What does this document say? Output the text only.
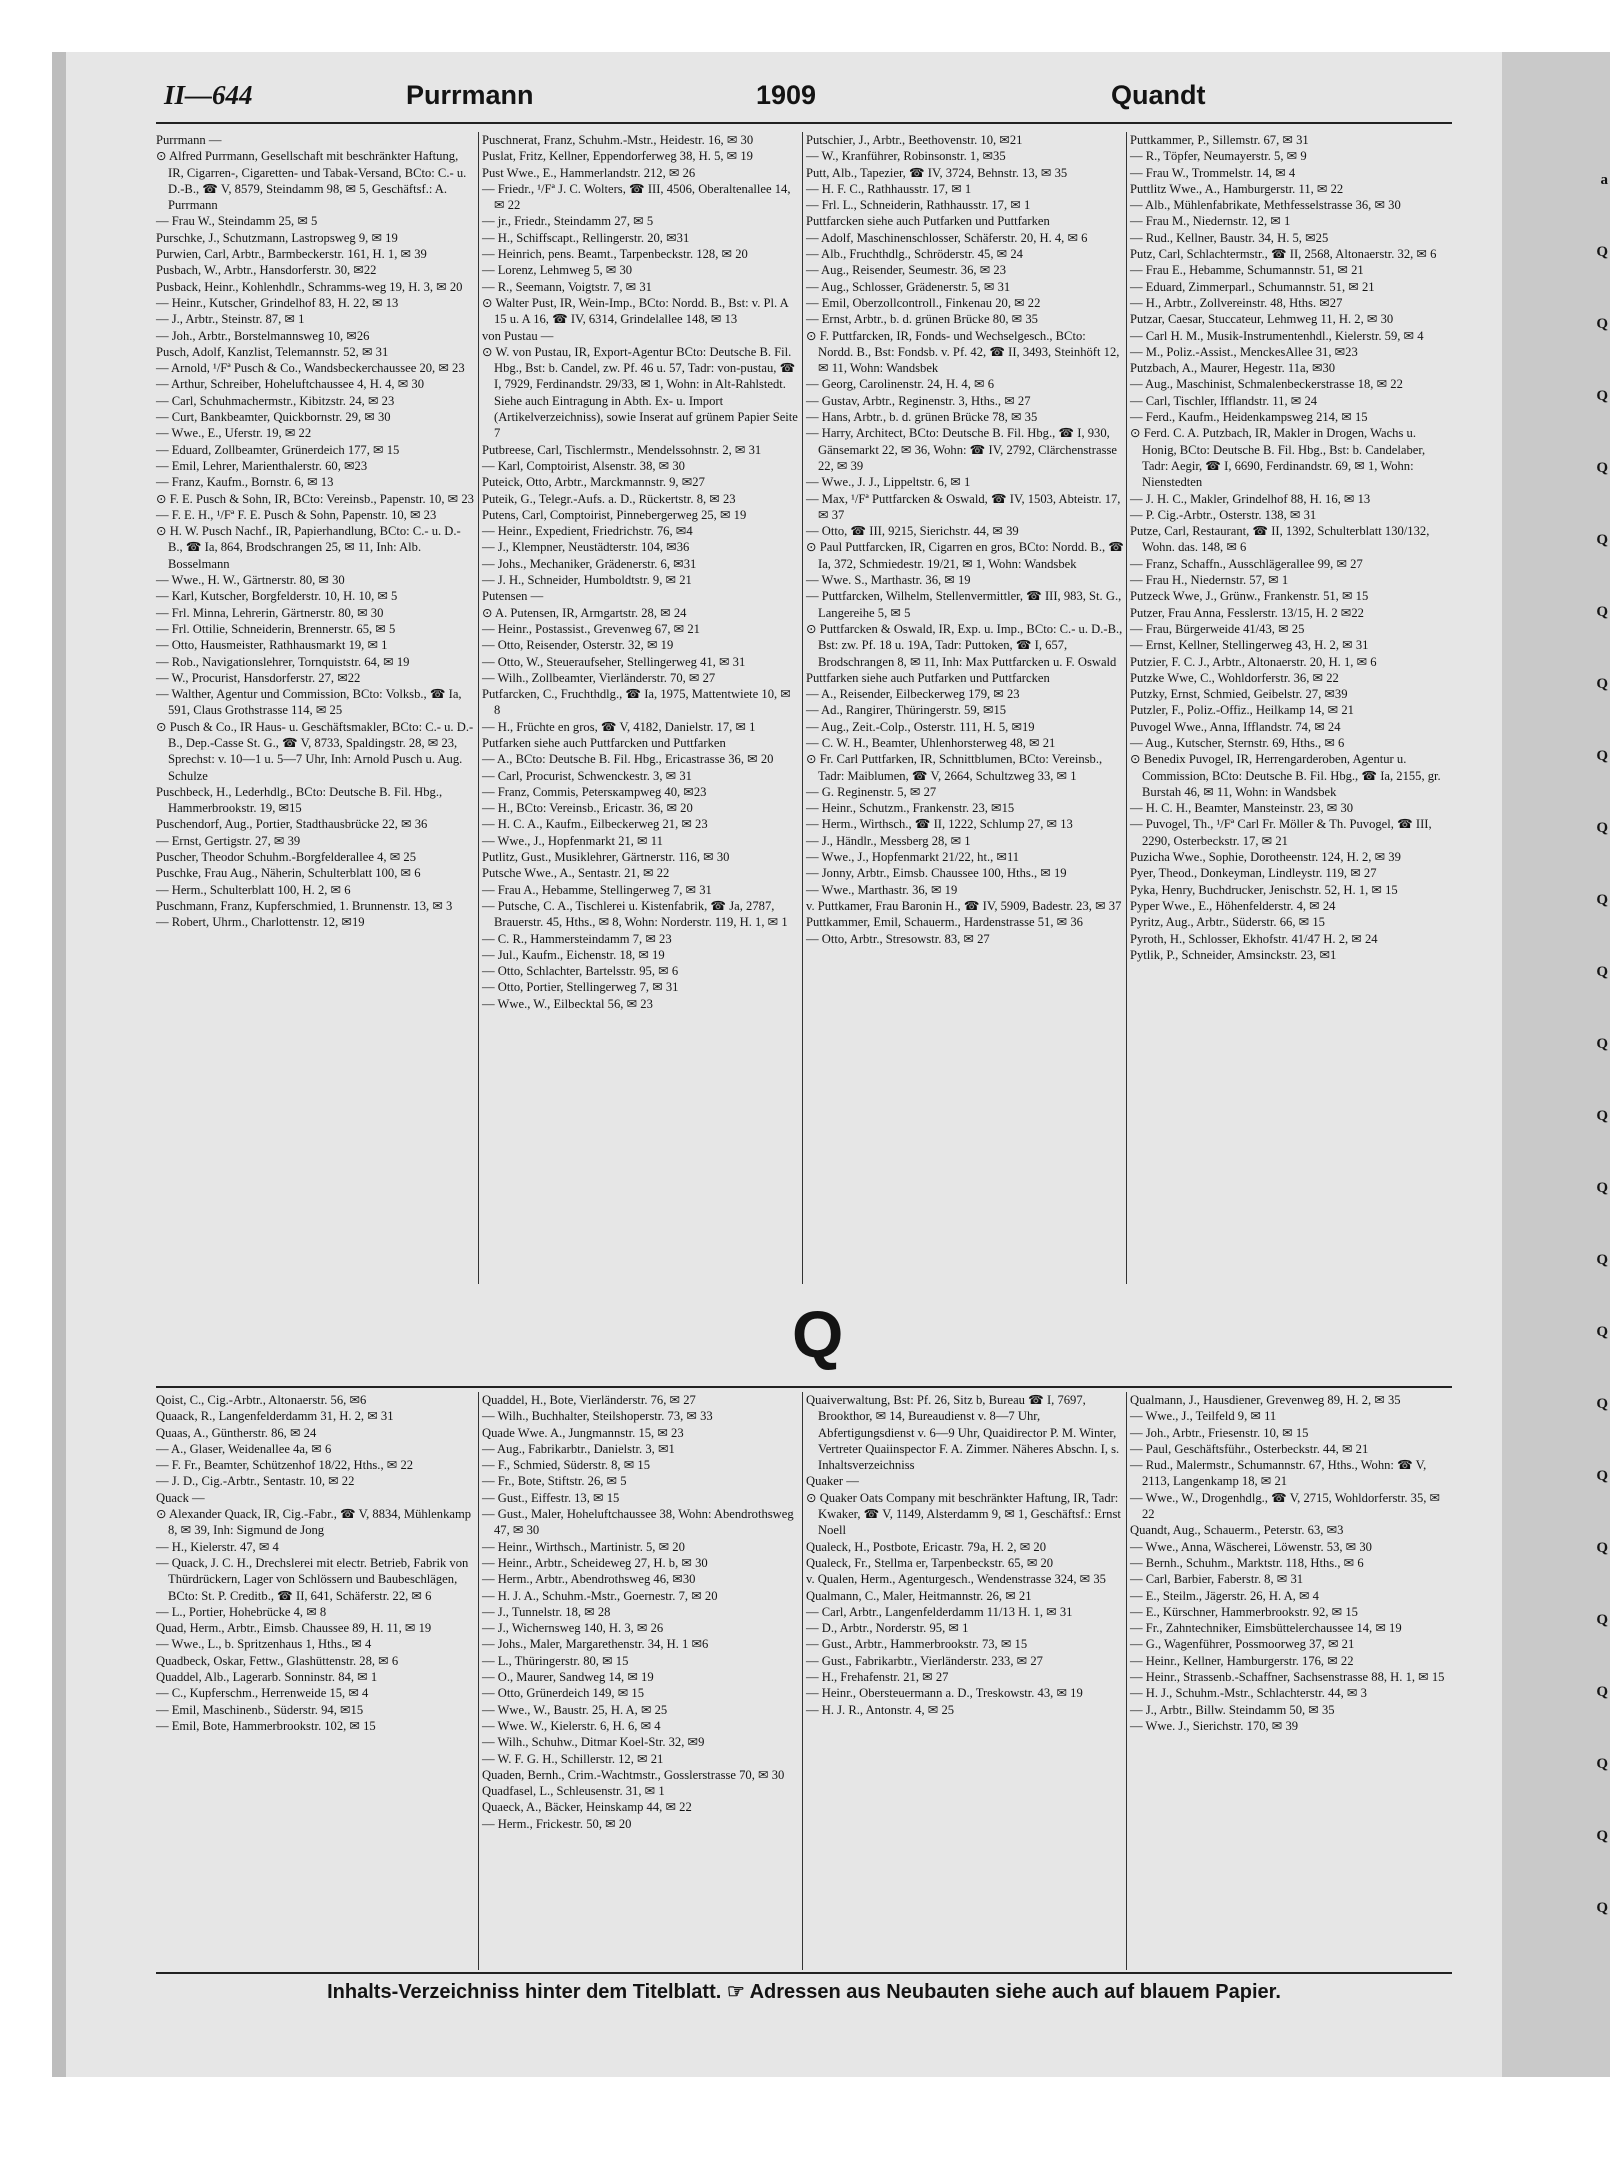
II—644	Purrmann	1909	Quandt

Purrmann —

⊙ Alfred Purrmann, Gesellschaft mit beschränkter Haftung, IR, Cigarren-, Cigaretten- und Tabak-Versand, BCto: C.- u. D.-B., ☎ V, 8579, Steindamm 98, ✉ 5, Geschäftsf.: A. Purrmann

— Frau W., Steindamm 25, ✉ 5

Purschke, J., Schutzmann, Lastropsweg 9, ✉ 19

Purwien, Carl, Arbtr., Barmbeckerstr. 161, H. 1, ✉ 39

Pusbach, W., Arbtr., Hansdorferstr. 30, ✉22

Pusback, Heinr., Kohlenhdlr., Schramms-weg 19, H. 3, ✉ 20

— Heinr., Kutscher, Grindelhof 83, H. 22, ✉ 13

— J., Arbtr., Steinstr. 87, ✉ 1

— Joh., Arbtr., Borstelmannsweg 10, ✉26

Pusch, Adolf, Kanzlist, Telemannstr. 52, ✉ 31

— Arnold, ¹/Fª Pusch & Co., Wandsbeckerchaussee 20, ✉ 23

— Arthur, Schreiber, Hoheluftchaussee 4, H. 4, ✉ 30

— Carl, Schuhmachermstr., Kibitzstr. 24, ✉ 23

— Curt, Bankbeamter, Quickbornstr. 29, ✉ 30

— Wwe., E., Uferstr. 19, ✉ 22

— Eduard, Zollbeamter, Grünerdeich 177, ✉ 15

— Emil, Lehrer, Marienthalerstr. 60, ✉23

— Franz, Kaufm., Bornstr. 6, ✉ 13

⊙ F. E. Pusch & Sohn, IR, BCto: Vereinsb., Papenstr. 10, ✉ 23

— F. E. H., ¹/Fª F. E. Pusch & Sohn, Papenstr. 10, ✉ 23

⊙ H. W. Pusch Nachf., IR, Papierhandlung, BCto: C.- u. D.-B., ☎ Ia, 864, Brodschrangen 25, ✉ 11, Inh: Alb. Bosselmann

— Wwe., H. W., Gärtnerstr. 80, ✉ 30

— Karl, Kutscher, Borgfelderstr. 10, H. 10, ✉ 5

— Frl. Minna, Lehrerin, Gärtnerstr. 80, ✉ 30

— Frl. Ottilie, Schneiderin, Brennerstr. 65, ✉ 5

— Otto, Hausmeister, Rathhausmarkt 19, ✉ 1

— Rob., Navigationslehrer, Tornquiststr. 64, ✉ 19

— W., Procurist, Hansdorferstr. 27, ✉22

— Walther, Agentur und Commission, BCto: Volksb., ☎ Ia, 591, Claus Grothstrasse 114, ✉ 25

⊙ Pusch & Co., IR Haus- u. Geschäftsmakler, BCto: C.- u. D.-B., Dep.-Casse St. G., ☎ V, 8733, Spaldingstr. 28, ✉ 23, Sprechst: v. 10—1 u. 5—7 Uhr, Inh: Arnold Pusch u. Aug. Schulze

Puschbeck, H., Lederhdlg., BCto: Deutsche B. Fil. Hbg., Hammerbrookstr. 19, ✉15

Puschendorf, Aug., Portier, Stadthausbrücke 22, ✉ 36

— Ernst, Gertigstr. 27, ✉ 39

Puscher, Theodor Schuhm.-Borgfelderallee 4, ✉ 25

Puschke, Frau Aug., Näherin, Schulterblatt 100, ✉ 6

— Herm., Schulterblatt 100, H. 2, ✉ 6

Puschmann, Franz, Kupferschmied, 1. Brunnenstr. 13, ✉ 3

— Robert, Uhrm., Charlottenstr. 12, ✉19

Puschnerat, Franz, Schuhm.-Mstr., Heidestr. 16, ✉ 30

Puslat, Fritz, Kellner, Eppendorferweg 38, H. 5, ✉ 19

Pust Wwe., E., Hammerlandstr. 212, ✉ 26

— Friedr., ¹/Fª J. C. Wolters, ☎ III, 4506, Oberaltenallee 14, ✉ 22

— jr., Friedr., Steindamm 27, ✉ 5

— H., Schiffscapt., Rellingerstr. 20, ✉31

— Heinrich, pens. Beamt., Tarpenbeckstr. 128, ✉ 20

— Lorenz, Lehmweg 5, ✉ 30

— R., Seemann, Voigtstr. 7, ✉ 31

⊙ Walter Pust, IR, Wein-Imp., BCto: Nordd. B., Bst: v. Pl. A 15 u. A 16, ☎ IV, 6314, Grindelallee 148, ✉ 13

von Pustau —

⊙ W. von Pustau, IR, Export-Agentur BCto: Deutsche B. Fil. Hbg., Bst: b. Candel, zw. Pf. 46 u. 57, Tadr: von-pustau, ☎ I, 7929, Ferdinandstr. 29/33, ✉ 1, Wohn: in Alt-Rahlstedt. Siehe auch Eintragung in Abth. Ex- u. Import (Artikelverzeichniss), sowie Inserat auf grünem Papier Seite 7

Putbreese, Carl, Tischlermstr., Mendelssohnstr. 2, ✉ 31

— Karl, Comptoirist, Alsenstr. 38, ✉ 30

Puteick, Otto, Arbtr., Marckmannstr. 9, ✉27

Puteik, G., Telegr.-Aufs. a. D., Rückertstr. 8, ✉ 23

Putens, Carl, Comptoirist, Pinnebergerweg 25, ✉ 19

— Heinr., Expedient, Friedrichstr. 76, ✉4

— J., Klempner, Neustädterstr. 104, ✉36

— Johs., Mechaniker, Grädenerstr. 6, ✉31

— J. H., Schneider, Humboldtstr. 9, ✉ 21

Putensen —

⊙ A. Putensen, IR, Armgartstr. 28, ✉ 24

— Heinr., Postassist., Grevenweg 67, ✉ 21

— Otto, Reisender, Osterstr. 32, ✉ 19

— Otto, W., Steueraufseher, Stellingerweg 41, ✉ 31

— Wilh., Zollbeamter, Vierländerstr. 70, ✉ 27

Putfarcken, C., Fruchthdlg., ☎ Ia, 1975, Mattentwiete 10, ✉ 8

— H., Früchte en gros, ☎ V, 4182, Danielstr. 17, ✉ 1

Putfarken siehe auch Puttfarcken und Puttfarken

— A., BCto: Deutsche B. Fil. Hbg., Ericastrasse 36, ✉ 20

— Carl, Procurist, Schwenckestr. 3, ✉ 31

— Franz, Commis, Petersкampweg 40, ✉23

— H., BCto: Vereinsb., Ericastr. 36, ✉ 20

— H. C. A., Kaufm., Eilbeckerweg 21, ✉ 23

— Wwe., J., Hopfenmarkt 21, ✉ 11

Putlitz, Gust., Musiklehrer, Gärtnerstr. 116, ✉ 30

Putsche Wwe., A., Sentastr. 21, ✉ 22

— Frau A., Hebamme, Stellingerweg 7, ✉ 31

— Putsche, C. A., Tischlerei u. Kistenfabrik, ☎ Ja, 2787, Brauerstr. 45, Hths., ✉ 8, Wohn: Norderstr. 119, H. 1, ✉ 1

— C. R., Hammersteindamm 7, ✉ 23

— Jul., Kaufm., Eichenstr. 18, ✉ 19

— Otto, Schlachter, Bartelsstr. 95, ✉ 6

— Otto, Portier, Stellingerweg 7, ✉ 31

— Wwe., W., Eilbecktal 56, ✉ 23

Putschier, J., Arbtr., Beethovenstr. 10, ✉21

— W., Kranführer, Robinsonstr. 1, ✉35

Putt, Alb., Tapezier, ☎ IV, 3724, Behnstr. 13, ✉ 35

— H. F. C., Rathhausstr. 17, ✉ 1

— Frl. L., Schneiderin, Rathhausstr. 17, ✉ 1

Puttfarcken siehe auch Putfarken und Puttfarken

— Adolf, Maschinenschlosser, Schäferstr. 20, H. 4, ✉ 6

— Alb., Fruchthdlg., Schröderstr. 45, ✉ 24

— Aug., Reisender, Seumestr. 36, ✉ 23

— Aug., Schlosser, Grädenerstr. 5, ✉ 31

— Emil, Oberzollcontroll., Finkenau 20, ✉ 22

— Ernst, Arbtr., b. d. grünen Brücke 80, ✉ 35

⊙ F. Puttfarcken, IR, Fonds- und Wechselgesch., BCto: Nordd. B., Bst: Fondsb. v. Pf. 42, ☎ II, 3493, Steinhöft 12, ✉ 11, Wohn: Wandsbek

— Georg, Carolinenstr. 24, H. 4, ✉ 6

— Gustav, Arbtr., Reginenstr. 3, Hths., ✉ 27

— Hans, Arbtr., b. d. grünen Brücke 78, ✉ 35

— Harry, Architect, BCto: Deutsche B. Fil. Hbg., ☎ I, 930, Gänsemarkt 22, ✉ 36, Wohn: ☎ IV, 2792, Clärchenstrasse 22, ✉ 39

— Wwe., J. J., Lippeltstr. 6, ✉ 1

— Max, ¹/Fª Puttfarcken & Oswald, ☎ IV, 1503, Abteistr. 17, ✉ 37

— Otto, ☎ III, 9215, Sierichstr. 44, ✉ 39

⊙ Paul Puttfarcken, IR, Cigarren en gros, BCto: Nordd. B., ☎ Ia, 372, Schmiedestr. 19/21, ✉ 1, Wohn: Wandsbek

— Wwe. S., Marthastr. 36, ✉ 19

— Puttfarcken, Wilhelm, Stellenvermittler, ☎ III, 983, St. G., Langereihe 5, ✉ 5

⊙ Puttfarcken & Oswald, IR, Exp. u. Imp., BCto: C.- u. D.-B., Bst: zw. Pf. 18 u. 19A, Tadr: Puttoken, ☎ I, 657, Brodschrangen 8, ✉ 11, Inh: Max Puttfarcken u. F. Oswald

Puttfarken siehe auch Putfarken und Puttfarcken

— A., Reisender, Eilbeckerweg 179, ✉ 23

— Ad., Rangirer, Thüringerstr. 59, ✉15

— Aug., Zeit.-Colp., Osterstr. 111, H. 5, ✉19

— C. W. H., Beamter, Uhlenhorsterweg 48, ✉ 21

⊙ Fr. Carl Puttfarken, IR, Schnittblumen, BCto: Vereinsb., Tadr: Maiblumen, ☎ V, 2664, Schultzweg 33, ✉ 1

— G. Reginenstr. 5, ✉ 27

— Heinr., Schutzm., Frankenstr. 23, ✉15

— Herm., Wirthsch., ☎ II, 1222, Schlump 27, ✉ 13

— J., Händlr., Messberg 28, ✉ 1

— Wwe., J., Hopfenmarkt 21/22, ht., ✉11

— Jonny, Arbtr., Eimsb. Chaussee 100, Hths., ✉ 19

— Wwe., Marthastr. 36, ✉ 19

v. Puttkamer, Frau Baronin H., ☎ IV, 5909, Badestr. 23, ✉ 37

Puttkammer, Emil, Schauerm., Hardenstrasse 51, ✉ 36

— Otto, Arbtr., Stresowstr. 83, ✉ 27

Puttkammer, P., Sillemstr. 67, ✉ 31

— R., Töpfer, Neumayerstr. 5, ✉ 9

— Frau W., Trommelstr. 14, ✉ 4

Puttlitz Wwe., A., Hamburgerstr. 11, ✉ 22

— Alb., Mühlenfabrikate, Methfesselstrasse 36, ✉ 30

— Frau M., Niedernstr. 12, ✉ 1

— Rud., Kellner, Baustr. 34, H. 5, ✉25

Putz, Carl, Schlachtermstr., ☎ II, 2568, Altonaerstr. 32, ✉ 6

— Frau E., Hebamme, Schumannstr. 51, ✉ 21

— Eduard, Zimmerparl., Schumannstr. 51, ✉ 21

— H., Arbtr., Zollvereinstr. 48, Hths. ✉27

Putzar, Caesar, Stuccateur, Lehmweg 11, H. 2, ✉ 30

— Carl H. M., Musik-Instrumentenhdl., Kielerstr. 59, ✉ 4

— M., Poliz.-Assist., MenckesAllee 31, ✉23

Putzbach, A., Maurer, Hegestr. 11a, ✉30

— Aug., Maschinist, Schmalenbeckerstrasse 18, ✉ 22

— Carl, Tischler, Ifflandstr. 11, ✉ 24

— Ferd., Kaufm., Heidenkampsweg 214, ✉ 15

⊙ Ferd. C. A. Putzbach, IR, Makler in Drogen, Wachs u. Honig, BCto: Deutsche B. Fil. Hbg., Bst: b. Candelaber, Tadr: Aegir, ☎ I, 6690, Ferdinandstr. 69, ✉ 1, Wohn: Nienstedten

— J. H. C., Makler, Grindelhof 88, H. 16, ✉ 13

— P. Cig.-Arbtr., Osterstr. 138, ✉ 31

Putze, Carl, Restaurant, ☎ II, 1392, Schulterblatt 130/132, Wohn. das. 148, ✉ 6

— Franz, Schaffn., Ausschlägerallee 99, ✉ 27

— Frau H., Niedernstr. 57, ✉ 1

Putzeck Wwe, J., Grünw., Frankenstr. 51, ✉ 15

Putzer, Frau Anna, Fesslerstr. 13/15, H. 2 ✉22

— Frau, Bürgerweide 41/43, ✉ 25

— Ernst, Kellner, Stellingerweg 43, H. 2, ✉ 31

Putzier, F. C. J., Arbtr., Altonaerstr. 20, H. 1, ✉ 6

Putzke Wwe, C., Wohldorferstr. 36, ✉ 22

Putzky, Ernst, Schmied, Geibelstr. 27, ✉39

Putzler, F., Poliz.-Offiz., Heilkamp 14, ✉ 21

Puvogel Wwe., Anna, Ifflandstr. 74, ✉ 24

— Aug., Kutscher, Sternstr. 69, Hths., ✉ 6

⊙ Benedix Puvogel, IR, Herrengarderoben, Agentur u. Commission, BCto: Deutsche B. Fil. Hbg., ☎ Ia, 2155, gr. Burstah 46, ✉ 11, Wohn: in Wandsbek

— H. C. H., Beamter, Mansteinstr. 23, ✉ 30

— Puvogel, Th., ¹/Fª Carl Fr. Möller & Th. Puvogel, ☎ III, 2290, Osterbeckstr. 17, ✉ 21

Puzicha Wwe., Sophie, Dorotheenstr. 124, H. 2, ✉ 39

Pyer, Theod., Donkeyman, Lindleystr. 119, ✉ 27

Pyka, Henry, Buchdrucker, Jenischstr. 52, H. 1, ✉ 15

Pyper Wwe., E., Höhenfelderstr. 4, ✉ 24

Pyritz, Aug., Arbtr., Süderstr. 66, ✉ 15

Pyroth, H., Schlosser, Ekhofstr. 41/47 H. 2, ✉ 24

Pytlik, P., Schneider, Amsinckstr. 23, ✉1

Q

Qoist, C., Cig.-Arbtr., Altonaerstr. 56, ✉6

Quaack, R., Langenfelderdamm 31, H. 2, ✉ 31

Quaas, A., Güntherstr. 86, ✉ 24

— A., Glaser, Weidenallee 4a, ✉ 6

— F. Fr., Beamter, Schützenhof 18/22, Hths., ✉ 22

— J. D., Cig.-Arbtr., Sentastr. 10, ✉ 22

Quack —

⊙ Alexander Quack, IR, Cig.-Fabr., ☎ V, 8834, Mühlenkamp 8, ✉ 39, Inh: Sigmund de Jong

— H., Kielerstr. 47, ✉ 4

— Quack, J. C. H., Drechslerei mit electr. Betrieb, Fabrik von Thürdrückern, Lager von Schlössern und Baubeschlägen, BCto: St. P. Creditb., ☎ II, 641, Schäferstr. 22, ✉ 6

— L., Portier, Hohebrücke 4, ✉ 8

Quad, Herm., Arbtr., Eimsb. Chaussee 89, H. 11, ✉ 19

— Wwe., L., b. Spritzenhaus 1, Hths., ✉ 4

Quadbeck, Oskar, Fettw., Glashüttenstr. 28, ✉ 6

Quaddel, Alb., Lagerarb. Sonninstr. 84, ✉ 1

— C., Kupferschm., Herrenweide 15, ✉ 4

— Emil, Maschinenb., Süderstr. 94, ✉15

— Emil, Bote, Hammerbrookstr. 102, ✉ 15

Quaddel, H., Bote, Vierländerstr. 76, ✉ 27

— Wilh., Buchhalter, Steilshoperstr. 73, ✉ 33

Quade Wwe. A., Jungmannstr. 15, ✉ 23

— Aug., Fabrikarbtr., Danielstr. 3, ✉1

— F., Schmied, Süderstr. 8, ✉ 15

— Fr., Bote, Stiftstr. 26, ✉ 5

— Gust., Eiffestr. 13, ✉ 15

— Gust., Maler, Hoheluftchaussee 38, Wohn: Abendrothsweg 47, ✉ 30

— Heinr., Wirthsch., Martinistr. 5, ✉ 20

— Heinr., Arbtr., Scheideweg 27, H. b, ✉ 30

— Herm., Arbtr., Abendrothsweg 46, ✉30

— H. J. A., Schuhm.-Mstr., Goernestr. 7, ✉ 20

— J., Tunnelstr. 18, ✉ 28

— J., Wichernsweg 140, H. 3, ✉ 26

— Johs., Maler, Margarethenstr. 34, H. 1 ✉6

— L., Thüringerstr. 80, ✉ 15

— O., Maurer, Sandweg 14, ✉ 19

— Otto, Grünerdeich 149, ✉ 15

— Wwe., W., Baustr. 25, H. A, ✉ 25

— Wwe. W., Kielerstr. 6, H. 6, ✉ 4

— Wilh., Schuhw., Ditmar Koel-Str. 32, ✉9

— W. F. G. H., Schillerstr. 12, ✉ 21

Quaden, Bernh., Crim.-Wachtmstr., Gosslerstrasse 70, ✉ 30

Quadfasel, L., Schleusenstr. 31, ✉ 1

Quaeck, A., Bäcker, Heinskamp 44, ✉ 22

— Herm., Frickestr. 50, ✉ 20

Quaiverwaltung, Bst: Pf. 26, Sitz b, Bureau ☎ I, 7697, Brookthor, ✉ 14, Bureaudienst v. 8—7 Uhr, Abfertigungsdienst v. 6—9 Uhr, Quaidirector P. M. Winter, Vertreter Quaiinspector F. A. Zimmer. Näheres Abschn. I, s. Inhaltsverzeichniss

Quaker —

⊙ Quaker Oats Company mit beschränkter Haftung, IR, Tadr: Kwaker, ☎ V, 1149, Alsterdamm 9, ✉ 1, Geschäftsf.: Ernst Noell

Qualeck, H., Postbote, Ericastr. 79a, H. 2, ✉ 20

Qualeck, Fr., Stellma er, Tarpenbeckstr. 65, ✉ 20

v. Qualen, Herm., Agenturgesch., Wendenstrasse 324, ✉ 35

Qualmann, C., Maler, Heitmannstr. 26, ✉ 21

— Carl, Arbtr., Langenfelderdamm 11/13 H. 1, ✉ 31

— D., Arbtr., Norderstr. 95, ✉ 1

— Gust., Arbtr., Hammerbrookstr. 73, ✉ 15

— Gust., Fabrikarbtr., Vierländerstr. 233, ✉ 27

— H., Frehafenstr. 21, ✉ 27

— Heinr., Obersteuermann a. D., Treskowstr. 43, ✉ 19

— H. J. R., Antonstr. 4, ✉ 25

Qualmann, J., Hausdiener, Grevenweg 89, H. 2, ✉ 35

— Wwe., J., Teilfeld 9, ✉ 11

— Joh., Arbtr., Friesenstr. 10, ✉ 15

— Paul, Geschäftsführ., Osterbeckstr. 44, ✉ 21

— Rud., Malermstr., Schumannstr. 67, Hths., Wohn: ☎ V, 2113, Langenkamp 18, ✉ 21

— Wwe., W., Drogenhdlg., ☎ V, 2715, Wohldorferstr. 35, ✉ 22

Quandt, Aug., Schauerm., Peterstr. 63, ✉3

— Wwe., Anna, Wäscherei, Löwenstr. 53, ✉ 30

— Bernh., Schuhm., Marktstr. 118, Hths., ✉ 6

— Carl, Barbier, Faberstr. 8, ✉ 31

— E., Steilm., Jägerstr. 26, H. A, ✉ 4

— E., Kürschner, Hammerbrookstr. 92, ✉ 15

— Fr., Zahntechniker, Eimsbüttelerchaussee 14, ✉ 19

— G., Wagenführer, Possmoorweg 37, ✉ 21

— Heinr., Kellner, Hamburgerstr. 176, ✉ 22

— Heinr., Strassenb.-Schaffner, Sachsenstrasse 88, H. 1, ✉ 15

— H. J., Schuhm.-Mstr., Schlachterstr. 44, ✉ 3

— J., Arbtr., Billw. Steindamm 50, ✉ 35

— Wwe. J., Sierichstr. 170, ✉ 39

Inhalts-Verzeichniss hinter dem Titelblatt. ☞ Adressen aus Neubauten siehe auch auf blauem Papier.
a
Q
Q
Q
Q
Q
Q
Q
Q
Q
Q
Q
Q
Q
Q
Q
Q
Q
Q
Q
Q
Q
Q
Q
Q
